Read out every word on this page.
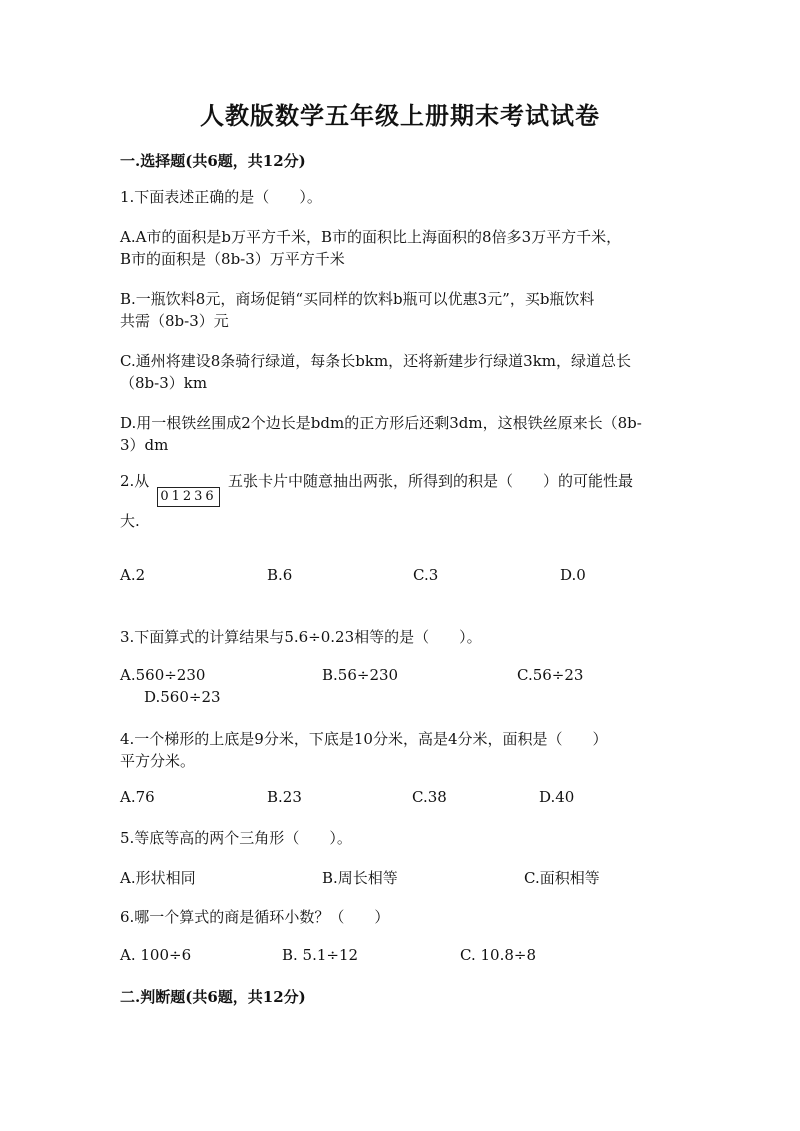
人教版数学五年级上册期末考试试卷
一.选择题(共6题，共12分)
1.下面表述正确的是（　　）。
A.A市的面积是b万平方千米，B市的面积比上海面积的8倍多3万平方千米，
B市的面积是（8b-3）万平方千米
B.一瓶饮料8元，商场促销“买同样的饮料b瓶可以优惠3元”，买b瓶饮料
共需（8b-3）元
C.通州将建设8条骑行绿道，每条长bkm，还将新建步行绿道3km，绿道总长
（8b-3）km
D.用一根铁丝围成2个边长是bdm的正方形后还剩3dm，这根铁丝原来长（8b-
3）dm
2.从
01236
五张卡片中随意抽出两张，所得到的积是（　　）的可能性最
大.
A.2	B.6	C.3	D.0
3.下面算式的计算结果与5.6÷0.23相等的是（　　）。
A.560÷230	B.56÷230	C.56÷23
D.560÷23
4.一个梯形的上底是9分米，下底是10分米，高是4分米，面积是（　　）
平方分米。
A.76	B.23	C.38	D.40
5.等底等高的两个三角形（　　）。
A.形状相同	B.周长相等	C.面积相等
6.哪一个算式的商是循环小数？（　　）
A. 100÷6	B. 5.1÷12	C. 10.8÷8
二.判断题(共6题，共12分)
